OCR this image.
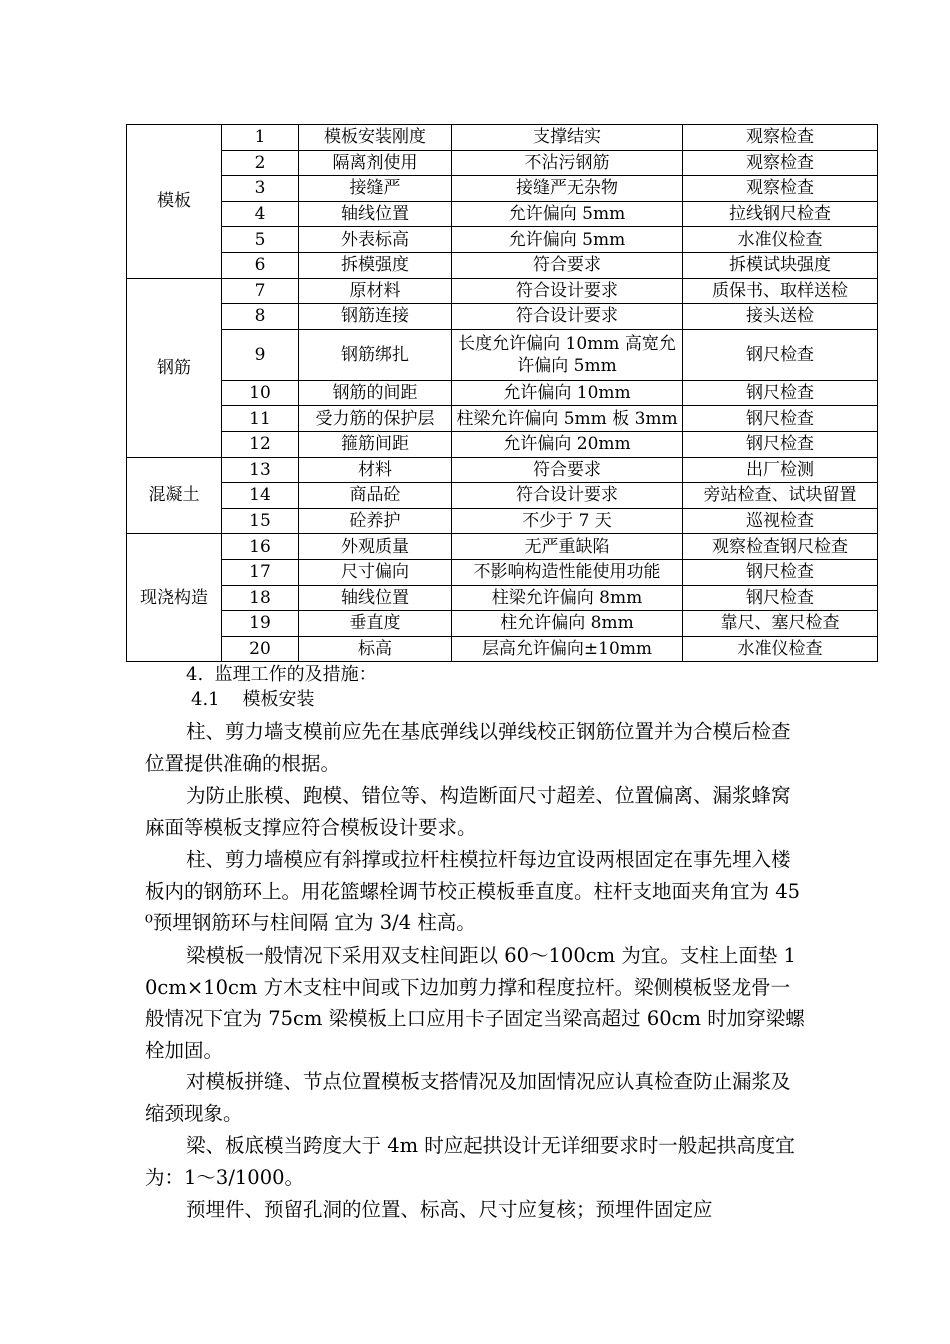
模板	1	模板安装刚度	支撑结实	观察检查
	2	隔离剂使用	不沾污钢筋	观察检查
	3	接缝严	接缝严无杂物	观察检查
	4	轴线位置	允许偏向 5mm	拉线钢尺检查
	5	外表标高	允许偏向 5mm	水准仪检查
	6	拆模强度	符合要求	拆模试块强度
钢筋	7	原材料	符合设计要求	质保书、取样送检
	8	钢筋连接	符合设计要求	接头送检
	9	钢筋绑扎	长度允许偏向 10mm 高宽允许偏向 5mm	钢尺检查
	10	钢筋的间距	允许偏向 10mm	钢尺检查
	11	受力筋的保护层	柱梁允许偏向 5mm 板 3mm	钢尺检查
	12	箍筋间距	允许偏向 20mm	钢尺检查
混凝土	13	材料	符合要求	出厂检测
	14	商品砼	符合设计要求	旁站检查、试块留置
	15	砼养护	不少于 7 天	巡视检查
现浇构造	16	外观质量	无严重缺陷	观察检查钢尺检查
	17	尺寸偏向	不影响构造性能使用功能	钢尺检查
	18	轴线位置	柱梁允许偏向 8mm	钢尺检查
	19	垂直度	柱允许偏向 8mm	靠尺、塞尺检查
	20	标高	层高允许偏向±10mm	水准仪检查
4.  监理工作的及措施：
4.1    模板安装
柱、剪力墙支模前应先在基底弹线以弹线校正钢筋位置并为合模后检查位置提供准确的根据。
为防止胀模、跑模、错位等、构造断面尺寸超差、位置偏离、漏浆蜂窝麻面等模板支撑应符合模板设计要求。
柱、剪力墙模应有斜撑或拉杆柱模拉杆每边宜设两根固定在事先埋入楼板内的钢筋环上。用花篮螺栓调节校正模板垂直度。柱杆支地面夹角宜为 45⁰预埋钢筋环与柱间隔 宜为 3/4 柱高。
梁模板一般情况下采用双支柱间距以 60～100cm 为宜。支柱上面垫 10cm×10cm 方木支柱中间或下边加剪力撑和程度拉杆。梁侧模板竖龙骨一般情况下宜为 75cm 梁模板上口应用卡子固定当梁高超过 60cm 时加穿梁螺栓加固。
对模板拼缝、节点位置模板支搭情况及加固情况应认真检查防止漏浆及缩颈现象。
梁、板底模当跨度大于 4m 时应起拱设计无详细要求时一般起拱高度宜为：1～3/1000。
预埋件、预留孔洞的位置、标高、尺寸应复核；预埋件固定应
